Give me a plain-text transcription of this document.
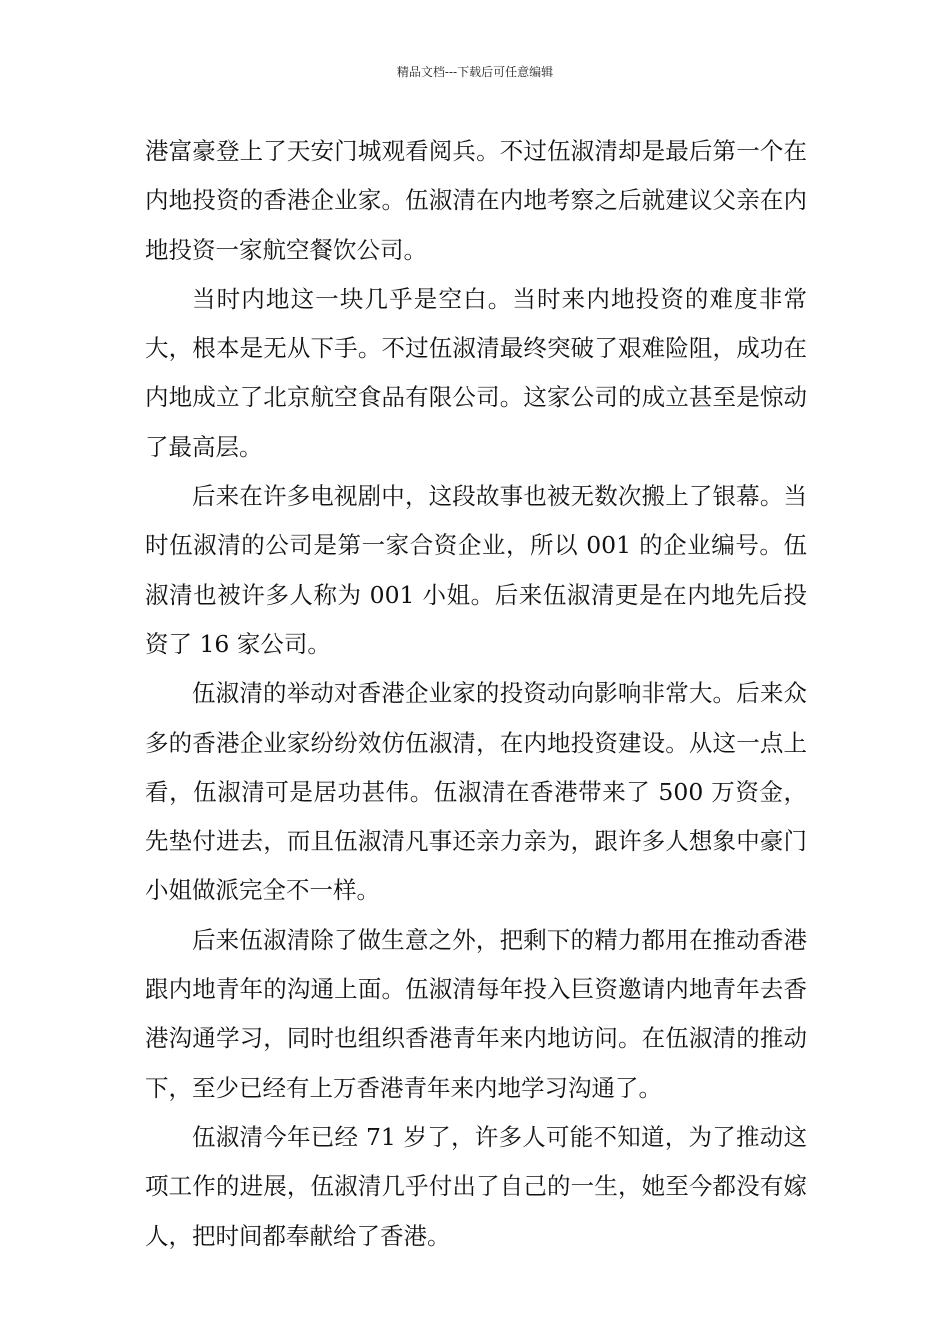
精品文档---下载后可任意编辑

港富豪登上了天安门城观看阅兵。不过伍淑清却是最后第一个在内地投资的香港企业家。伍淑清在内地考察之后就建议父亲在内地投资一家航空餐饮公司。

当时内地这一块几乎是空白。当时来内地投资的难度非常大，根本是无从下手。不过伍淑清最终突破了艰难险阻，成功在内地成立了北京航空食品有限公司。这家公司的成立甚至是惊动了最高层。

后来在许多电视剧中，这段故事也被无数次搬上了银幕。当时伍淑清的公司是第一家合资企业，所以 001 的企业编号。伍淑清也被许多人称为 001 小姐。后来伍淑清更是在内地先后投资了 16 家公司。

伍淑清的举动对香港企业家的投资动向影响非常大。后来众多的香港企业家纷纷效仿伍淑清，在内地投资建设。从这一点上看，伍淑清可是居功甚伟。伍淑清在香港带来了 500 万资金，先垫付进去，而且伍淑清凡事还亲力亲为，跟许多人想象中豪门小姐做派完全不一样。

后来伍淑清除了做生意之外，把剩下的精力都用在推动香港跟内地青年的沟通上面。伍淑清每年投入巨资邀请内地青年去香港沟通学习，同时也组织香港青年来内地访问。在伍淑清的推动下，至少已经有上万香港青年来内地学习沟通了。

伍淑清今年已经 71 岁了，许多人可能不知道，为了推动这项工作的进展，伍淑清几乎付出了自己的一生，她至今都没有嫁人，把时间都奉献给了香港。
